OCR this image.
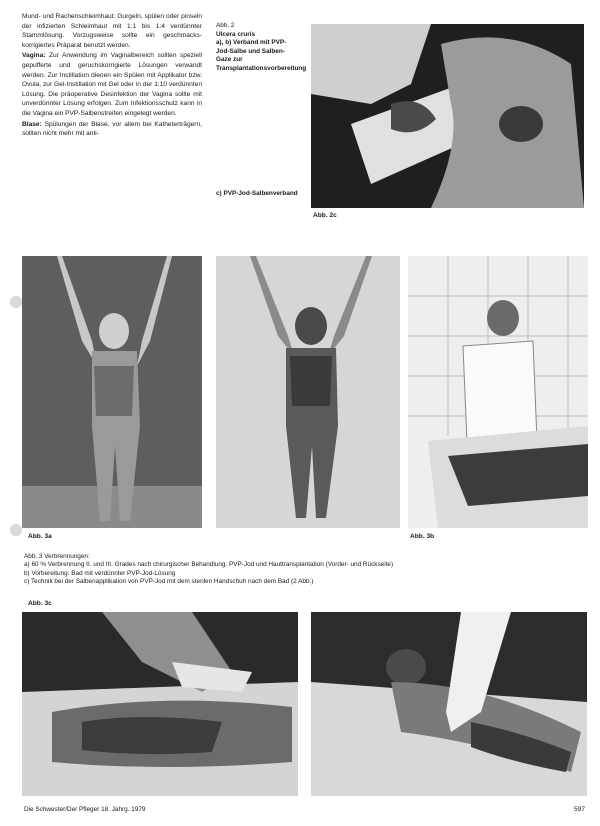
Mund- und Rachenschleimhaut: Gurgeln, spülen oder pinseln der infizierten Schleimhaut mit 1:1 bis 1:4 verdünnter Stammlösung. Vorzugsweise sollte ein geschmacks-korrigiertes Präparat benutzt werden.

Vagina: Zur Anwendung im Vaginalbereich sollten speziell gepufferte und geruchskorrigierte Lösungen verwandt werden. Zur Instillation dienen ein Spülen mit Applikator bzw. Ovula, zur Gel-Instillation mit Gel oder in der 1:10 verdünnten Lösung. Die präoperative Desinfektion der Vagina sollte mit unverdünnter Lösung erfolgen. Zum Infektionsschutz kann in die Vagina ein PVP-Salbenstreifen eingelegt werden.

Blase: Spülungen der Blase, vor allem bei Katheterträgern, sollten nicht mehr mit anti-

Abb. 2
Ulcera cruris
a), b) Verband mit PVP-Jod-Salbe und Salben-Gaze zur Transplantationsvorbereitung
c) PVP-Jod-Salbenverband
Abb. 2c
Abb. 3a	Abb. 3b
Abb. 3 Verbrennungen:
a) 60 % Verbrennung II. und III. Grades nach chirurgischer Behandlung. PVP-Jod und Hauttransplantation (Vorder- und Rückseite)
b) Vorbereitung: Bad mit verdünnter PVP-Jod-Lösung
c) Technik bei der Salbenapplikation von PVP-Jod mit dem sterilen Handschuh nach dem Bad (2 Abb.)
Abb. 3c
Die Schwester/Der Pfleger 18. Jahrg. 1979	597
